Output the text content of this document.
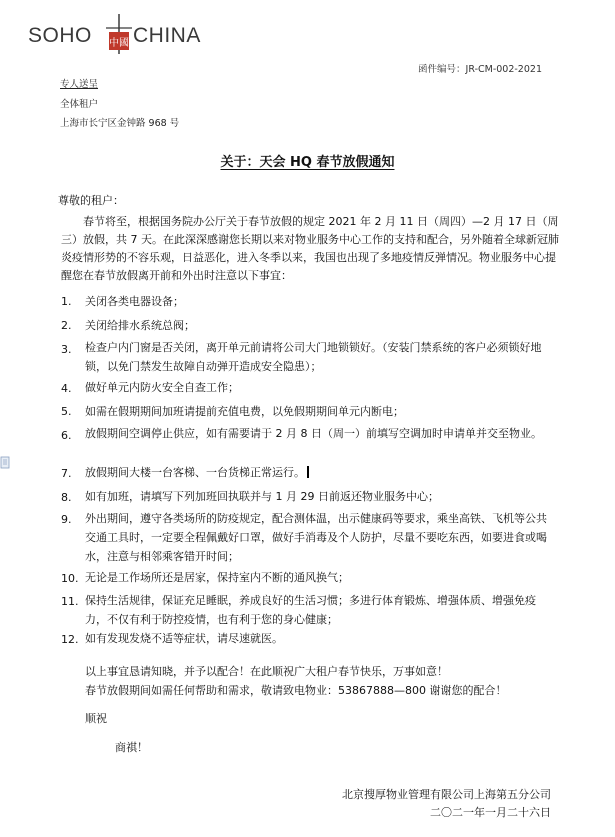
SOHO 中國 CHINA
函件编号：JR-CM-002-2021
专人送呈
全体租户
上海市长宁区金钟路 968 号
关于：天会 HQ 春节放假通知
尊敬的租户：
春节将至，根据国务院办公厅关于春节放假的规定 2021 年 2 月 11 日（周四）—2 月 17 日（周三）放假，共 7 天。在此深深感谢您长期以来对物业服务中心工作的支持和配合，另外随着全球新冠肺炎疫情形势的不容乐观，日益恶化，进入冬季以来，我国也出现了多地疫情反弹情况。物业服务中心提醒您在春节放假离开前和外出时注意以下事宜：
1. 关闭各类电器设备；
2. 关闭给排水系统总阀；
3. 检查户内门窗是否关闭，离开单元前请将公司大门地锁锁好。（安装门禁系统的客户必须锁好地锁，以免门禁发生故障自动弹开造成安全隐患）；
4. 做好单元内防火安全自查工作；
5. 如需在假期期间加班请提前充值电费，以免假期期间单元内断电；
6. 放假期间空调停止供应，如有需要请于 2 月 8 日（周一）前填写空调加时申请单并交至物业。
7. 放假期间大楼一台客梯、一台货梯正常运行。
8. 如有加班，请填写下列加班回执联并与 1 月 29 日前返还物业服务中心；
9. 外出期间，遵守各类场所的防疫规定，配合测体温，出示健康码等要求，乘坐高铁、飞机等公共交通工具时，一定要全程佩戴好口罩，做好手消毒及个人防护，尽量不要吃东西，如要进食或喝水，注意与相邻乘客错开时间；
10. 无论是工作场所还是居家，保持室内不断的通风换气；
11. 保持生活规律，保证充足睡眠，养成良好的生活习惯；多进行体育锻炼、增强体质、增强免疫力，不仅有利于防控疫情，也有利于您的身心健康；
12. 如有发现发烧不适等症状，请尽速就医。
以上事宜恳请知晓，并予以配合！在此顺祝广大租户春节快乐，万事如意！
春节放假期间如需任何帮助和需求，敬请致电物业：53867888—800 谢谢您的配合！
顺祝
商祺！
北京搜厚物业管理有限公司上海第五分公司
二〇二一年一月二十六日
